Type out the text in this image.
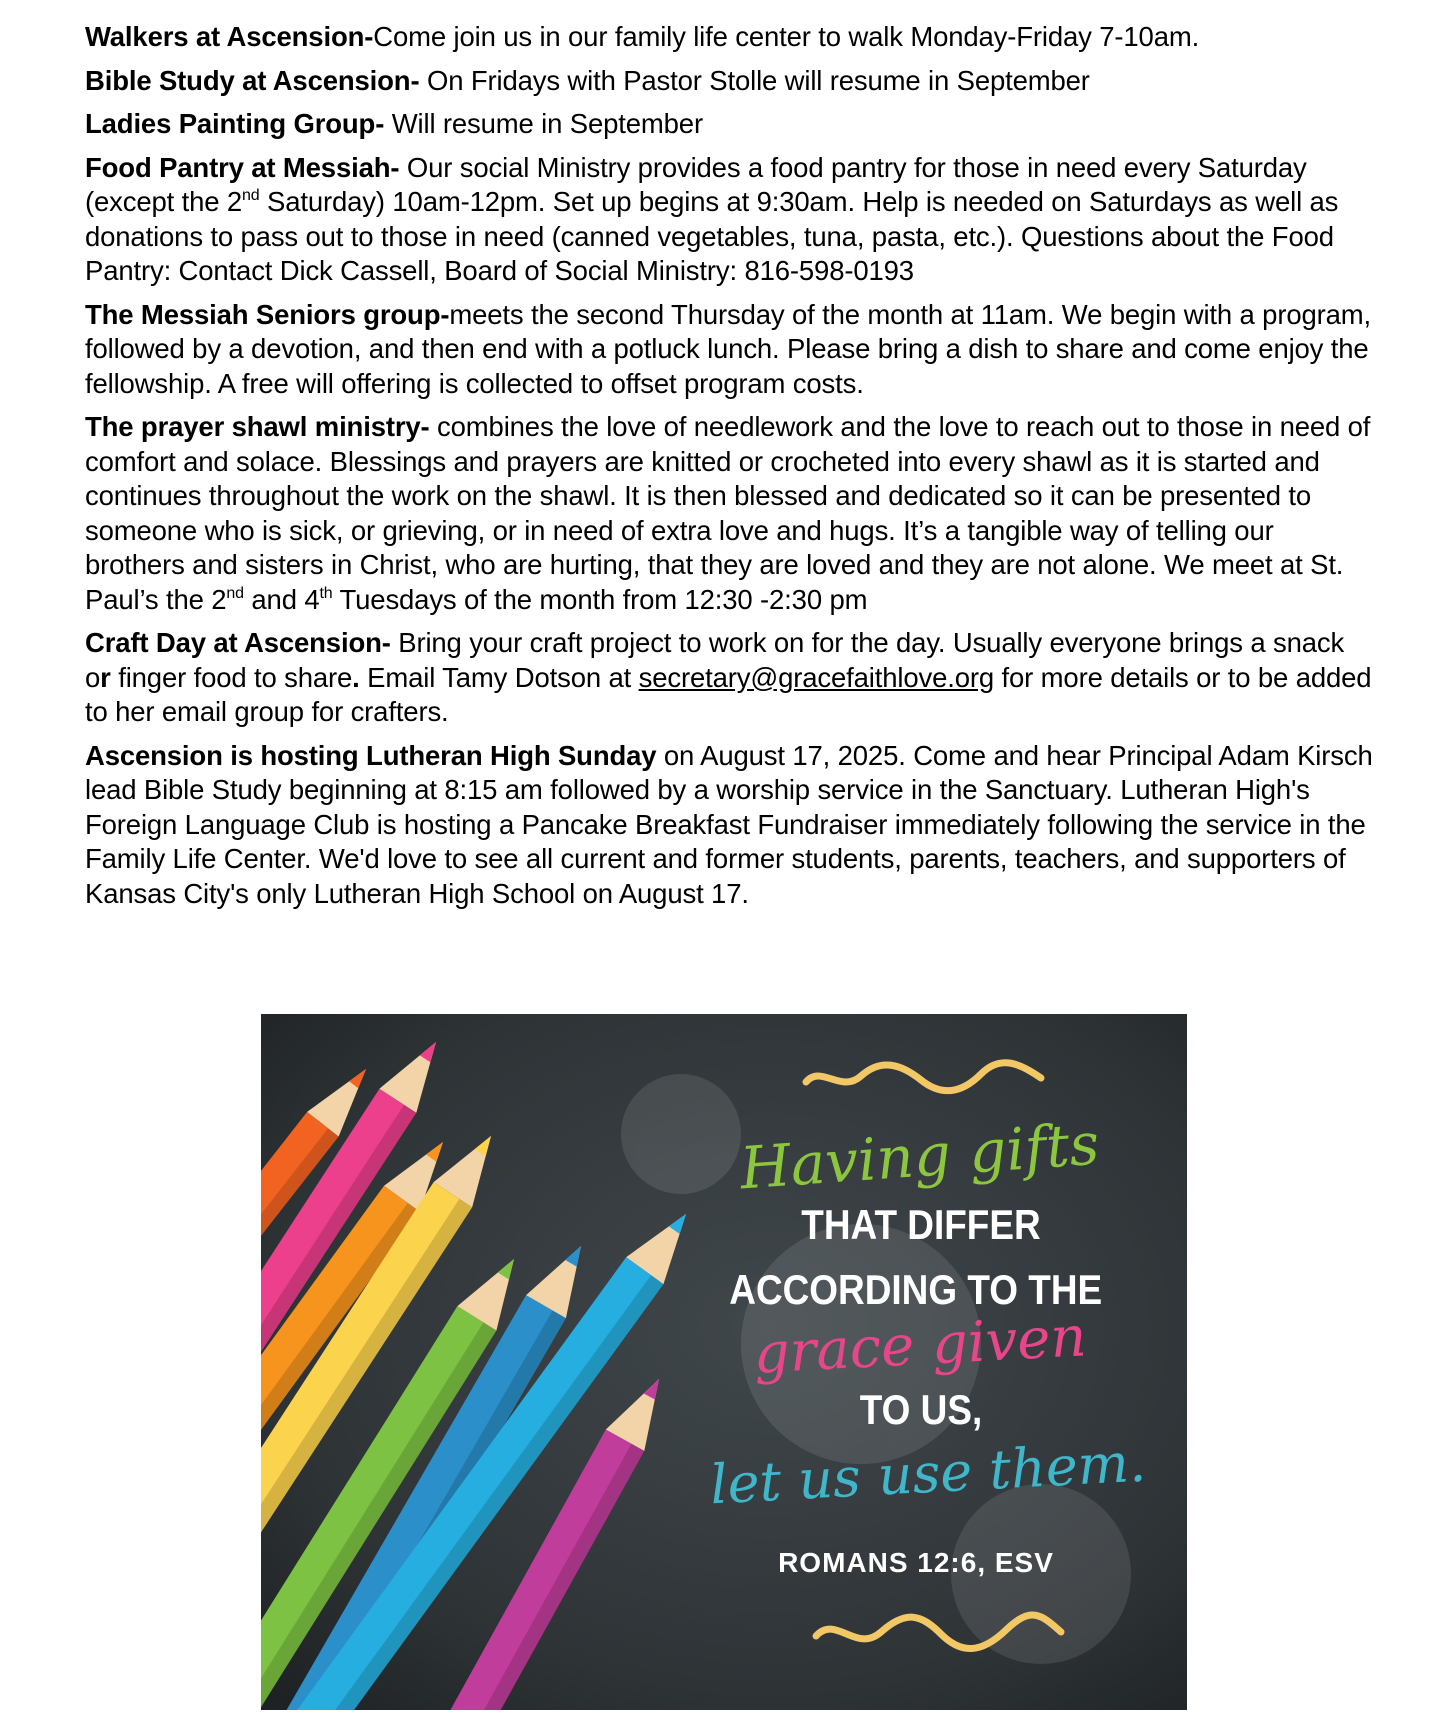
Walkers at Ascension-Come join us in our family life center to walk Monday-Friday 7-10am.

Bible Study at Ascension- On Fridays with Pastor Stolle will resume in September

Ladies Painting Group- Will resume in September

Food Pantry at Messiah- Our social Ministry provides a food pantry for those in need every Saturday (except the 2nd Saturday) 10am-12pm. Set up begins at 9:30am. Help is needed on Saturdays as well as donations to pass out to those in need (canned vegetables, tuna, pasta, etc.). Questions about the Food Pantry: Contact Dick Cassell, Board of Social Ministry: 816-598-0193

The Messiah Seniors group-meets the second Thursday of the month at 11am. We begin with a program, followed by a devotion, and then end with a potluck lunch. Please bring a dish to share and come enjoy the fellowship. A free will offering is collected to offset program costs.

The prayer shawl ministry- combines the love of needlework and the love to reach out to those in need of comfort and solace. Blessings and prayers are knitted or crocheted into every shawl as it is started and continues throughout the work on the shawl. It is then blessed and dedicated so it can be presented to someone who is sick, or grieving, or in need of extra love and hugs. It’s a tangible way of telling our brothers and sisters in Christ, who are hurting, that they are loved and they are not alone. We meet at St. Paul’s the 2nd and 4th Tuesdays of the month from 12:30 -2:30 pm

Craft Day at Ascension- Bring your craft project to work on for the day. Usually everyone brings a snack or finger food to share. Email Tamy Dotson at secretary@gracefaithlove.org for more details or to be added to her email group for crafters.

Ascension is hosting Lutheran High Sunday on August 17, 2025. Come and hear Principal Adam Kirsch lead Bible Study beginning at 8:15 am followed by a worship service in the Sanctuary. Lutheran High's Foreign Language Club is hosting a Pancake Breakfast Fundraiser immediately following the service in the Family Life Center. We'd love to see all current and former students, parents, teachers, and supporters of Kansas City's only Lutheran High School on August 17.

Having gifts
THAT DIFFER
ACCORDING TO THE
grace given
TO US,
let us use them.
ROMANS 12:6, ESV
